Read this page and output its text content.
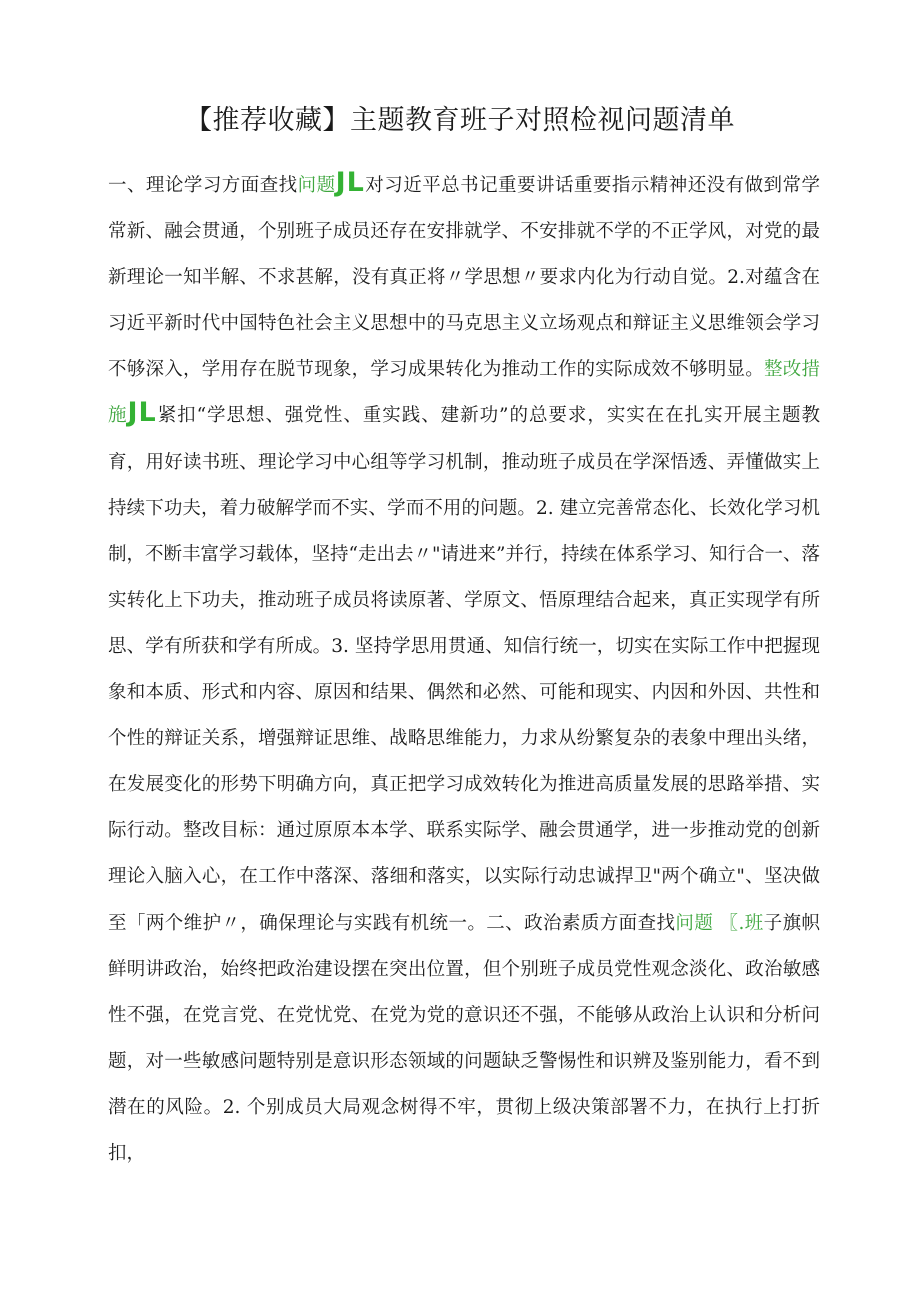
【推荐收藏】主题教育班子对照检视问题清单

一、理论学习方面查找问题JL对习近平总书记重要讲话重要指示精神还没有做到常学常新、融会贯通，个别班子成员还存在安排就学、不安排就不学的不正学风，对党的最新理论一知半解、不求甚解，没有真正将〃学思想〃要求内化为行动自觉。2.对蕴含在习近平新时代中国特色社会主义思想中的马克思主义立场观点和辩证主义思维领会学习不够深入，学用存在脱节现象，学习成果转化为推动工作的实际成效不够明显。整改措施JL紧扣“学思想、强党性、重实践、建新功”的总要求，实实在在扎实开展主题教育，用好读书班、理论学习中心组等学习机制，推动班子成员在学深悟透、弄懂做实上持续下功夫，着力破解学而不实、学而不用的问题。2. 建立完善常态化、长效化学习机制，不断丰富学习载体，坚持“走出去〃"请进来”并行，持续在体系学习、知行合一、落实转化上下功夫，推动班子成员将读原著、学原文、悟原理结合起来，真正实现学有所思、学有所获和学有所成。3. 坚持学思用贯通、知信行统一，切实在实际工作中把握现象和本质、形式和内容、原因和结果、偶然和必然、可能和现实、内因和外因、共性和个性的辩证关系，增强辩证思维、战略思维能力，力求从纷繁复杂的表象中理出头绪，在发展变化的形势下明确方向，真正把学习成效转化为推进高质量发展的思路举措、实际行动。整改目标：通过原原本本学、联系实际学、融会贯通学，进一步推动党的创新理论入脑入心，在工作中落深、落细和落实，以实际行动忠诚捍卫"两个确立"、坚决做至「两个维护〃，确保理论与实践有机统一。二、政治素质方面查找问题 〖.班子旗帜鲜明讲政治，始终把政治建设摆在突出位置，但个别班子成员党性观念淡化、政治敏感性不强，在党言党、在党忧党、在党为党的意识还不强，不能够从政治上认识和分析问题，对一些敏感问题特别是意识形态领域的问题缺乏警惕性和识辨及鉴别能力，看不到潜在的风险。2. 个别成员大局观念树得不牢，贯彻上级决策部署不力，在执行上打折扣，
